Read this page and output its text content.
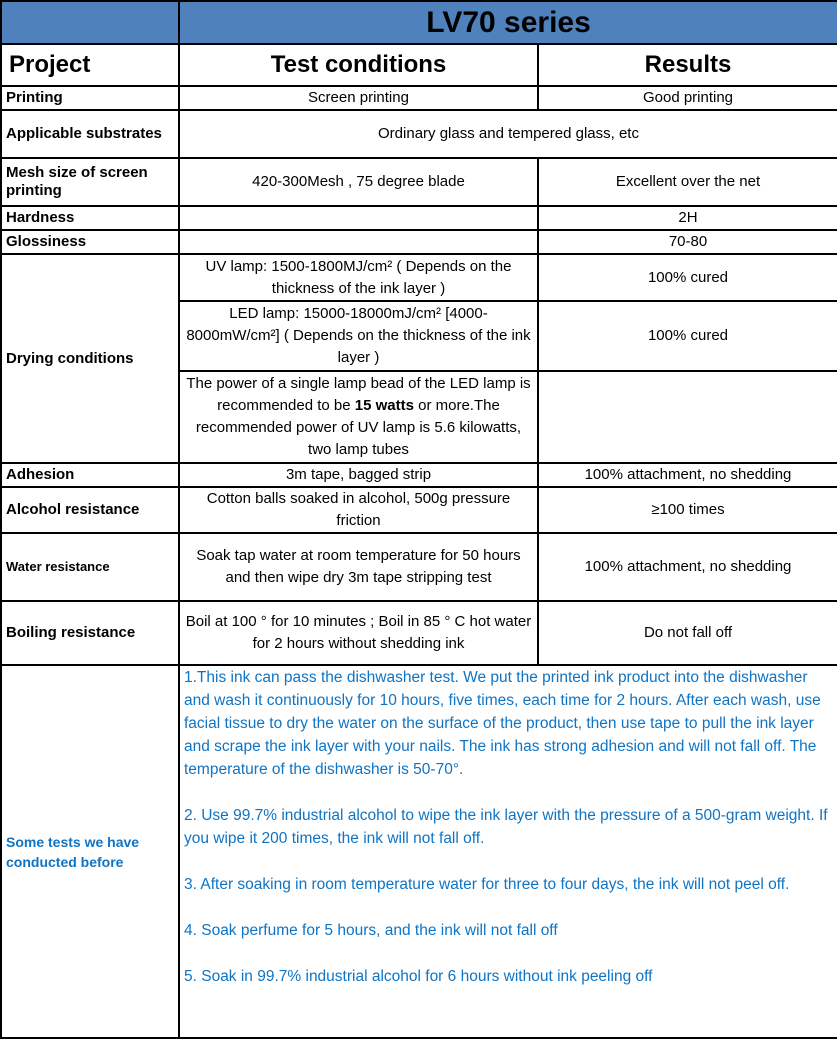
	LV70 series	
Project	Test conditions	Results
Printing	Screen printing	Good printing
Applicable substrates	Ordinary glass and tempered glass, etc	
Mesh size of screen printing	420-300Mesh , 75 degree blade	Excellent over the net
Hardness		2H
Glossiness		70-80
Drying conditions	UV lamp: 1500-1800MJ/cm² ( Depends on the thickness of the ink layer )	100% cured
	LED lamp: 15000-18000mJ/cm² [4000-8000mW/cm²] ( Depends on the thickness of the ink layer )	100% cured
	The power of a single lamp bead of the LED lamp is recommended to be 15 watts or more.The recommended power of UV lamp is 5.6 kilowatts, two lamp tubes	
Adhesion	3m tape, bagged strip	100% attachment, no shedding
Alcohol resistance	Cotton balls soaked in alcohol, 500g pressure friction	≥100 times
Water resistance	Soak tap water at room temperature for 50 hours and then wipe dry 3m tape stripping test	100% attachment, no shedding
Boiling resistance	Boil at 100 ° for 10 minutes ; Boil in 85 ° C hot water for 2 hours without shedding ink	Do not fall off
Some tests we have conducted before	1.This ink can pass the dishwasher test. We put the printed ink product into the dishwasher and wash it continuously for 10 hours, five times, each time for 2 hours. After each wash, use facial tissue to dry the water on the surface of the product, then use tape to pull the ink layer and scrape the ink layer with your nails. The ink has strong adhesion and will not fall off. The temperature of the dishwasher is 50-70°.

2. Use 99.7% industrial alcohol to wipe the ink layer with the pressure of a 500-gram weight. If you wipe it 200 times, the ink will not fall off.

3. After soaking in room temperature water for three to four days, the ink will not peel off.

4. Soak perfume for 5 hours, and the ink will not fall off

5. Soak in 99.7% industrial alcohol for 6 hours without ink peeling off	
